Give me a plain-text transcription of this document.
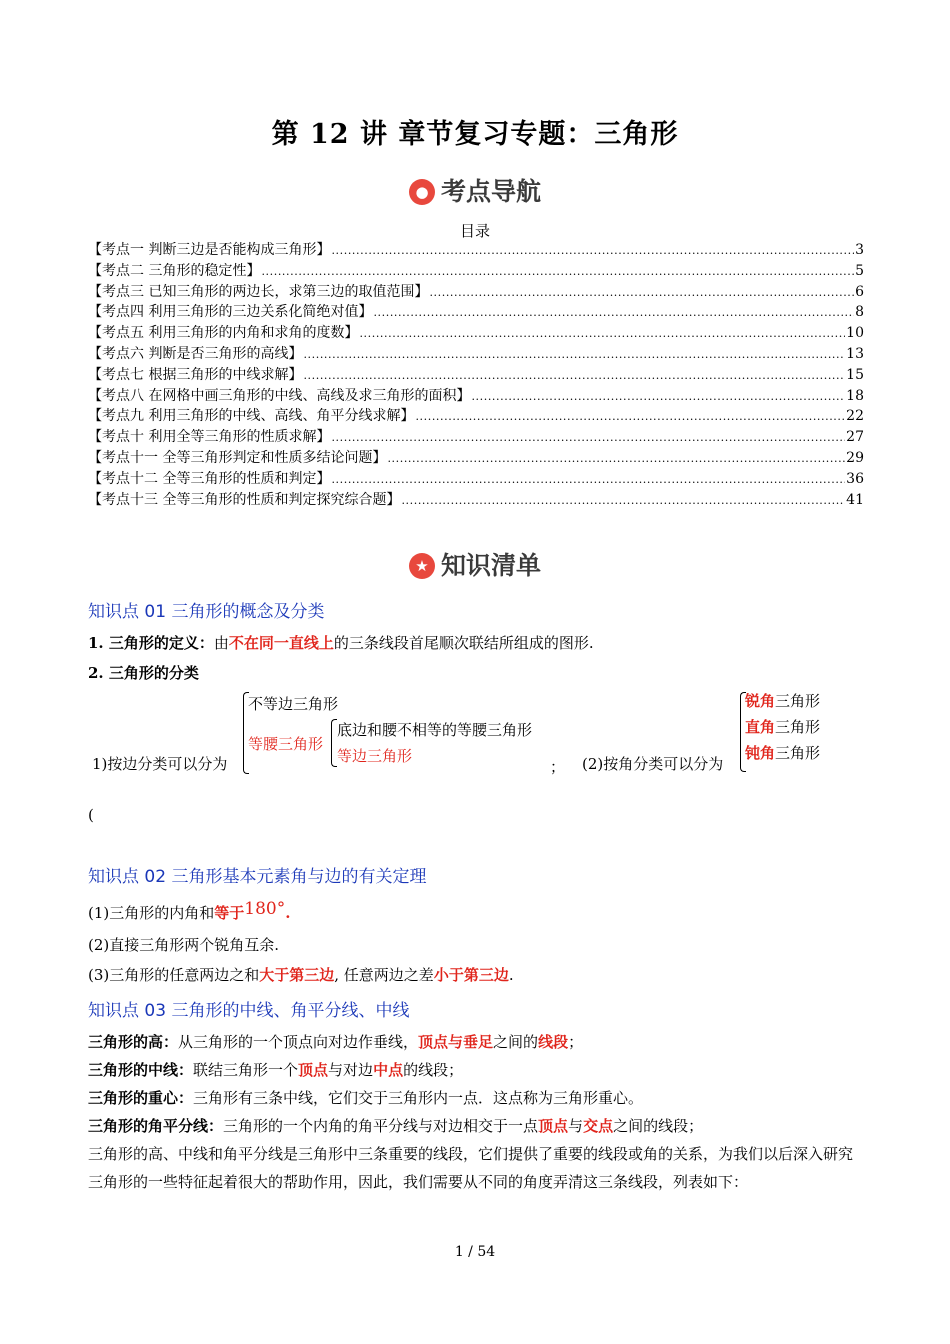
第 12 讲 章节复习专题：三角形
● 考点导航
目录
【考点一 判断三边是否能构成三角形】 .....	3
【考点二 三角形的稳定性】 .....	5
【考点三 已知三角形的两边长，求第三边的取值范围】 .....	6
【考点四 利用三角形的三边关系化简绝对值】 .....	8
【考点五 利用三角形的内角和求角的度数】 .....	10
【考点六 判断是否三角形的高线】 .....	13
【考点七 根据三角形的中线求解】 .....	15
【考点八 在网格中画三角形的中线、高线及求三角形的面积】 .....	18
【考点九 利用三角形的中线、高线、角平分线求解】 .....	22
【考点十 利用全等三角形的性质求解】 .....	27
【考点十一 全等三角形判定和性质多结论问题】 .....	29
【考点十二 全等三角形的性质和判定】 .....	36
【考点十三 全等三角形的性质和判定探究综合题】 .....	41
★ 知识清单
知识点 01 三角形的概念及分类
1. 三角形的定义：由不在同一直线上的三条线段首尾顺次联结所组成的图形.
2. 三角形的分类
1)按边分类可以分为
不等边三角形
等腰三角形
底边和腰不相等的等腰三角形
等边三角形
； (2)按角分类可以分为
锐角三角形
直角三角形
钝角三角形
(
知识点 02 三角形基本元素角与边的有关定理
(1)三角形的内角和等于180°.
(2)直接三角形两个锐角互余.
(3)三角形的任意两边之和大于第三边, 任意两边之差小于第三边.
知识点 03 三角形的中线、角平分线、中线
三角形的高：从三角形的一个顶点向对边作垂线，顶点与垂足之间的线段；
三角形的中线：联结三角形一个顶点与对边中点的线段；
三角形的重心：三角形有三条中线，它们交于三角形内一点．这点称为三角形重心。
三角形的角平分线：三角形的一个内角的角平分线与对边相交于一点顶点与交点之间的线段；
三角形的高、中线和角平分线是三角形中三条重要的线段，它们提供了重要的线段或角的关系，为我们以后深入研究三角形的一些特征起着很大的帮助作用，因此，我们需要从不同的角度弄清这三条线段，列表如下：
1 / 54
